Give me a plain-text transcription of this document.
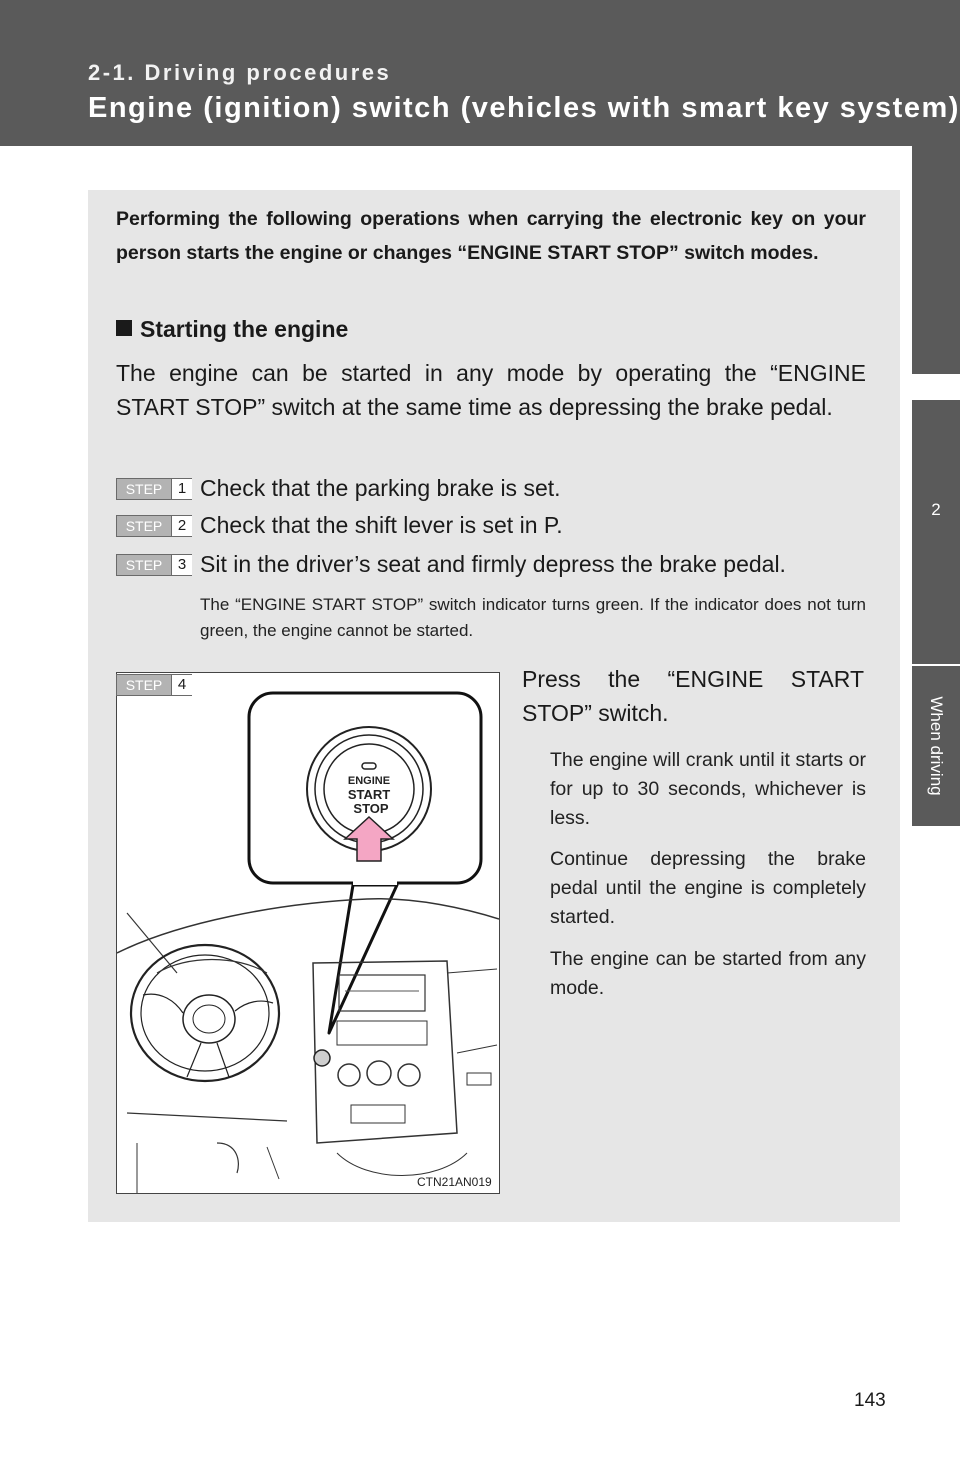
2-1. Driving procedures
Engine (ignition) switch (vehicles with smart key system)
2
When driving
Performing the following operations when carrying the electronic key on your person starts the engine or changes “ENGINE START STOP” switch modes.
Starting the engine
The engine can be started in any mode by operating the “ENGINE START STOP” switch at the same time as depressing the brake pedal.
STEP	1 Check that the parking brake is set.
STEP	2 Check that the shift lever is set in P.
STEP	3 Sit in the driver’s seat and firmly depress the brake pedal.
The “ENGINE START STOP” switch indicator turns green. If the indicator does not turn green, the engine cannot be started.
ENGINE
START
STOP
CTN21AN019
STEP	4	Press the “ENGINE START STOP” switch.
The engine will crank until it starts or for up to 30 seconds, whichever is less.
Continue depressing the brake pedal until the engine is completely started.
The engine can be started from any mode.
143
